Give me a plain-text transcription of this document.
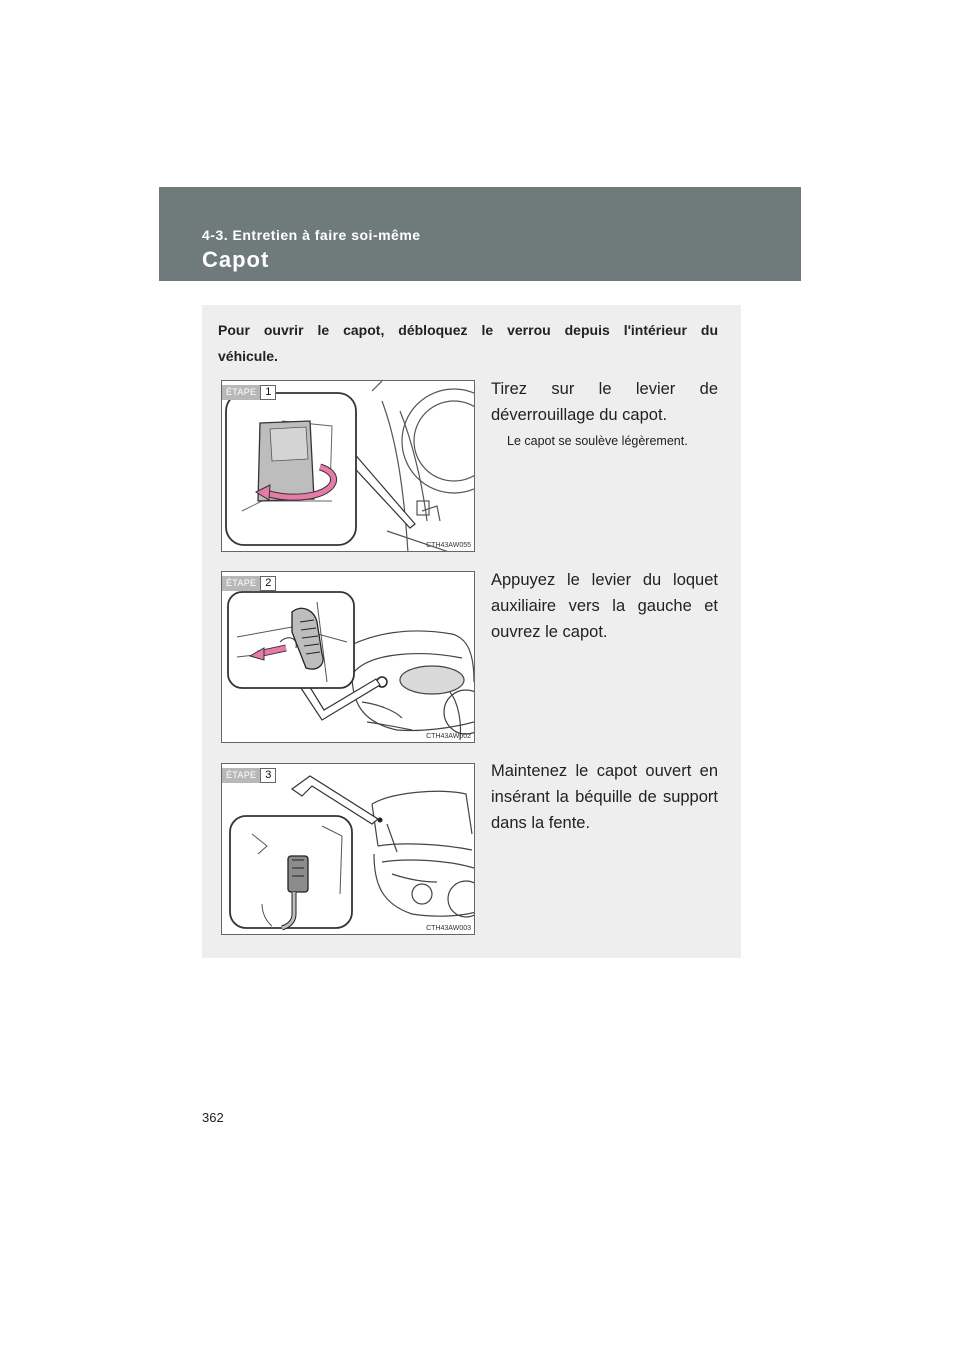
4-3. Entretien à faire soi-même
Capot
Pour ouvrir le capot, débloquez le verrou depuis l'intérieur du véhicule.
ÉTAPE 1
CTH43AW055
Tirez sur le levier de déverrouillage du capot.
Le capot se soulève légèrement.
ÉTAPE 2
CTH43AW002
Appuyez le levier du loquet auxiliaire vers la gauche et ouvrez le capot.
ÉTAPE 3
CTH43AW003
Maintenez le capot ouvert en insérant la béquille de support dans la fente.
362
